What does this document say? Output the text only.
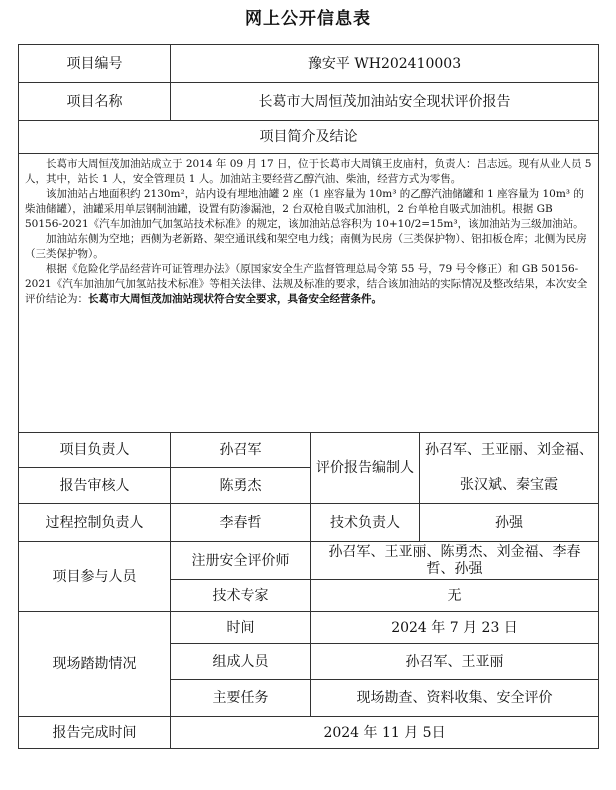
网上公开信息表
项目编号	豫安平 WH202410003		
项目名称	长葛市大周恒茂加油站安全现状评价报告		
项目简介及结论			

长葛市大周恒茂加油站成立于 2014 年 09 月 17 日，位于长葛市大周镇王皮庙村，负责人：吕志远。现有从业人员 5 人，其中，站长 1 人，安全管理员 1 人。加油站主要经营乙醇汽油、柴油，经营方式为零售。

该加油站占地面积约 2130m²，站内设有埋地油罐 2 座（1 座容量为 10m³ 的乙醇汽油储罐和 1 座容量为 10m³ 的柴油储罐），油罐采用单层钢制油罐，设置有防渗漏池，2 台双枪自吸式加油机，2 台单枪自吸式加油机。根据 GB 50156-2021《汽车加油加气加氢站技术标准》的规定，该加油站总容积为 10+10/2=15m³，该加油站为三级加油站。

加油站东侧为空地；西侧为老新路、架空通讯线和架空电力线；南侧为民房（三类保护物）、铝扣板仓库；北侧为民房（三类保护物）。

根据《危险化学品经营许可证管理办法》（原国家安全生产监督管理总局令第 55 号，79 号令修正）和 GB 50156-2021《汽车加油加气加氢站技术标准》等相关法律、法规及标准的要求，结合该加油站的实际情况及整改结果，本次安全评价结论为：长葛市大周恒茂加油站现状符合安全要求，具备安全经营条件。			

项目负责人	孙召军	评价报告编制人	孙召军、王亚丽、刘金福、
张汉斌、秦宝霞

报告审核人	陈勇杰		
过程控制负责人	李春哲	技术负责人	孙强
项目参与人员	注册安全评价师	孙召军、王亚丽、陈勇杰、刘金福、李春哲、孙强	
	技术专家	无	
现场踏勘情况	时间	2024 年 7 月 23 日	
	组成人员	孙召军、王亚丽	
	主要任务	现场勘查、资料收集、安全评价	
报告完成时间	2024 年 11 月 5日		
